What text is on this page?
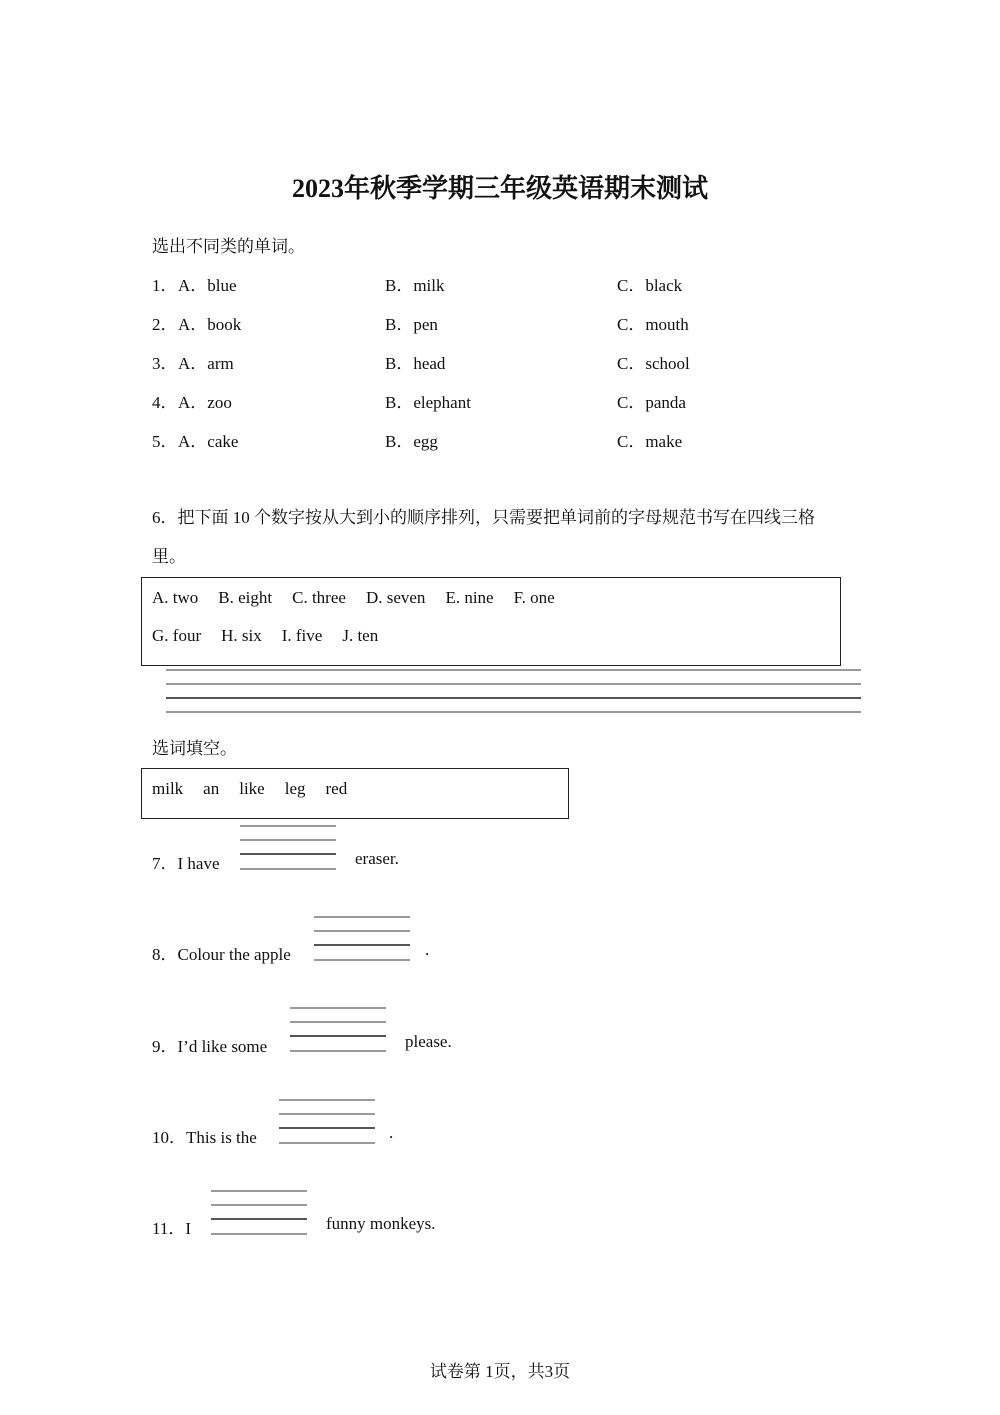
2023年秋季学期三年级英语期末测试
选出不同类的单词。
1． A．blue	B．milk	C．black
2． A．book	B．pen	C．mouth
3． A．arm	B．head	C．school
4． A．zoo	B．elephant	C．panda
5． A．cake	B．egg	C．make
6．把下面 10 个数字按从大到小的顺序排列，只需要把单词前的字母规范书写在四线三格
里。
A. two B. eight C. three D. seven E. nine F. one
G. four H. six I. five J. ten
选词填空。
milk an like leg red
7．I have	eraser.
8．Colour the apple	.
9．I’d like some	please.
10．This is the	.
11．I	funny monkeys.
试卷第 1页，共3页
